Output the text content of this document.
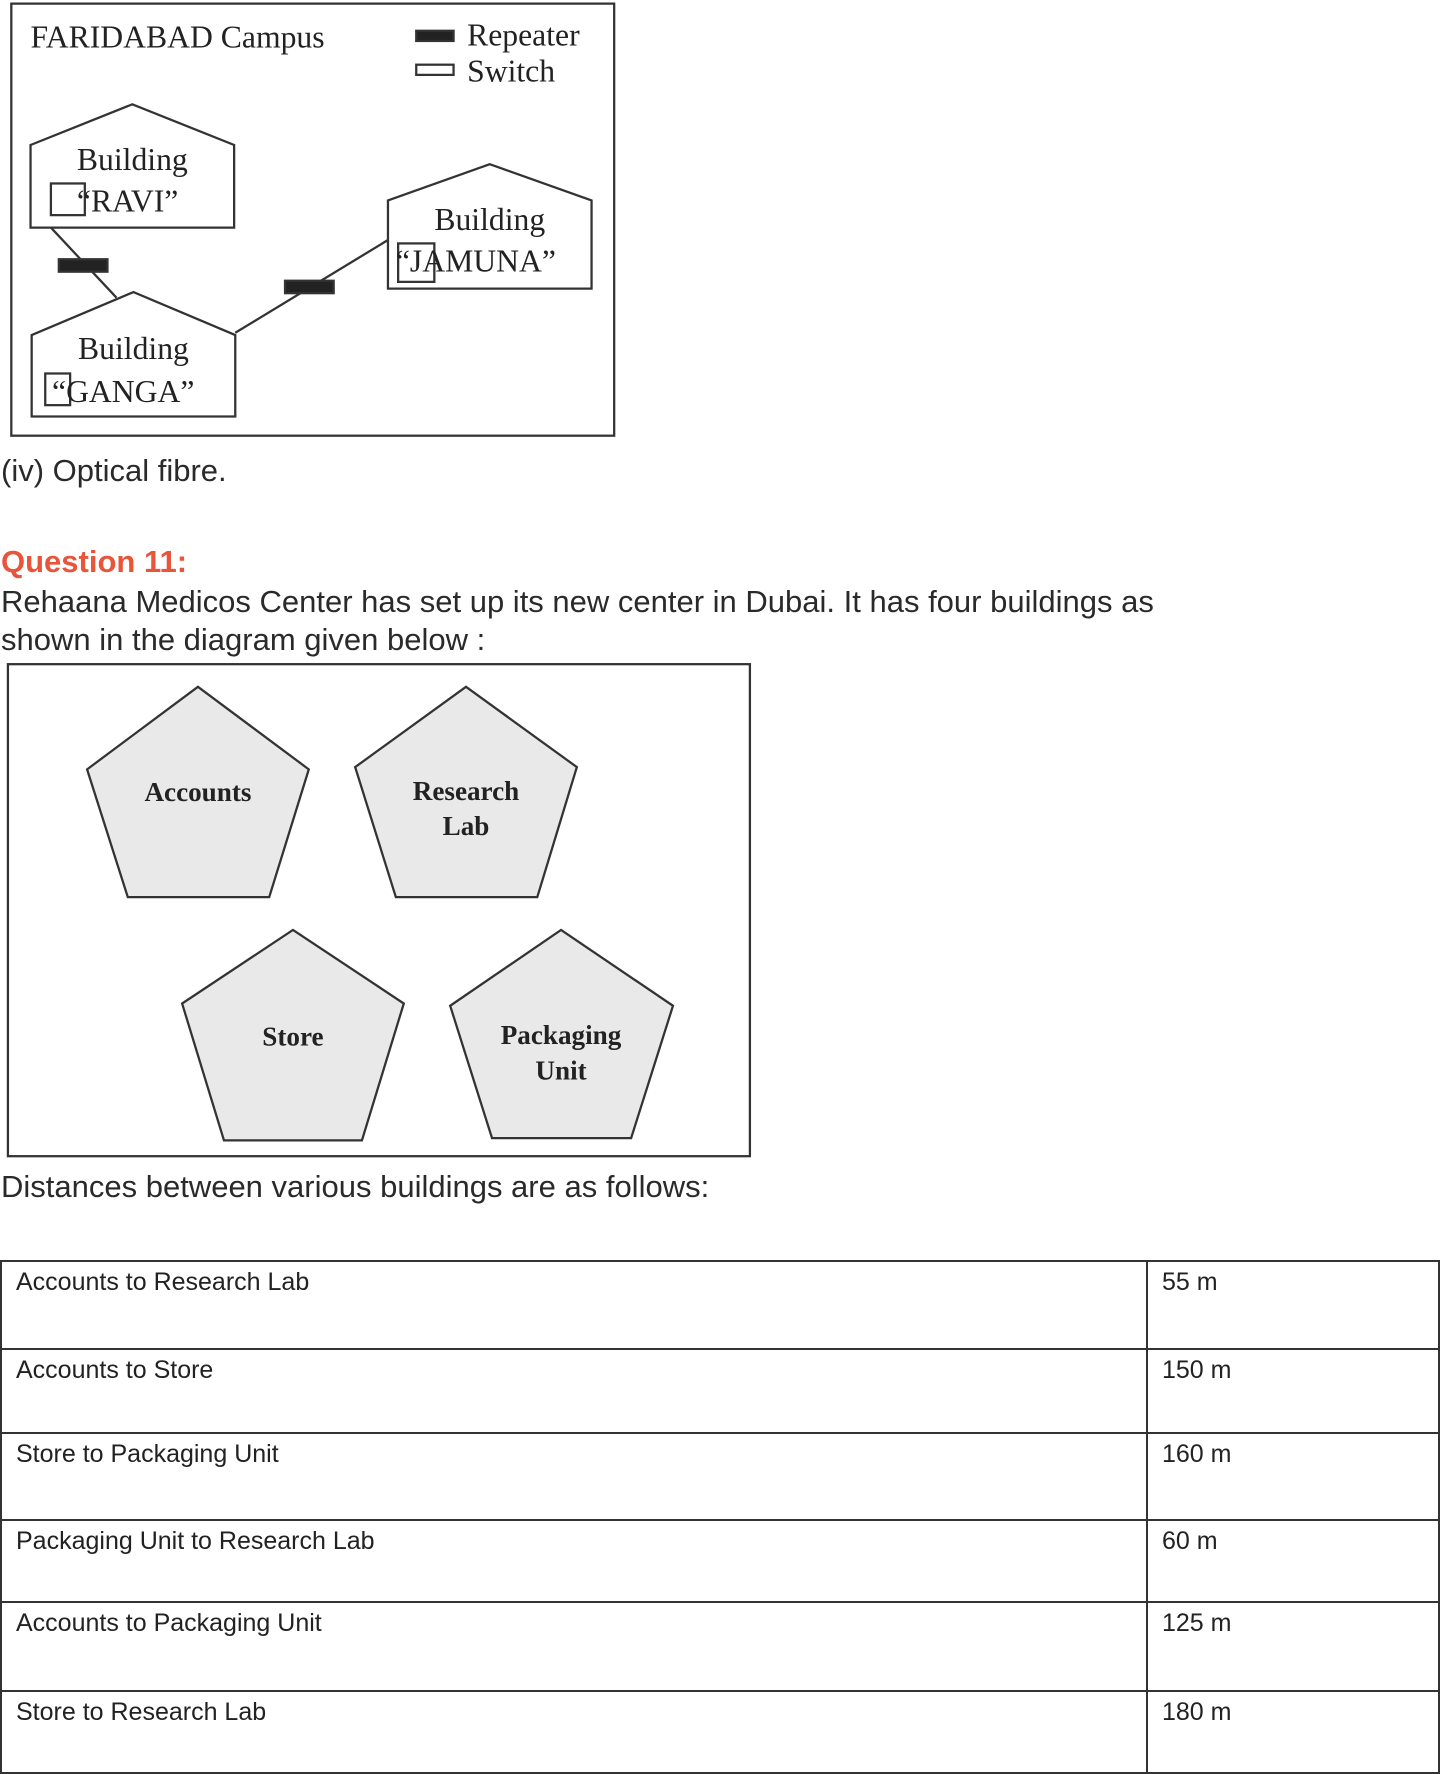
FARIDABAD Campus	Repeater
Switch
Building
“RAVI”
Building
“GANGA”
Building
“JAMUNA”
Accounts	Research
Lab
Store	Packaging
Unit
(iv) Optical fibre.
Question 11:
Rehaana Medicos Center has set up its new center in Dubai. It has four buildings as
shown in the diagram given below :
Distances between various buildings are as follows:
Accounts to Research Lab	55 m
Accounts to Store	150 m
Store to Packaging Unit	160 m
Packaging Unit to Research Lab	60 m
Accounts to Packaging Unit	125 m
Store to Research Lab	180 m
